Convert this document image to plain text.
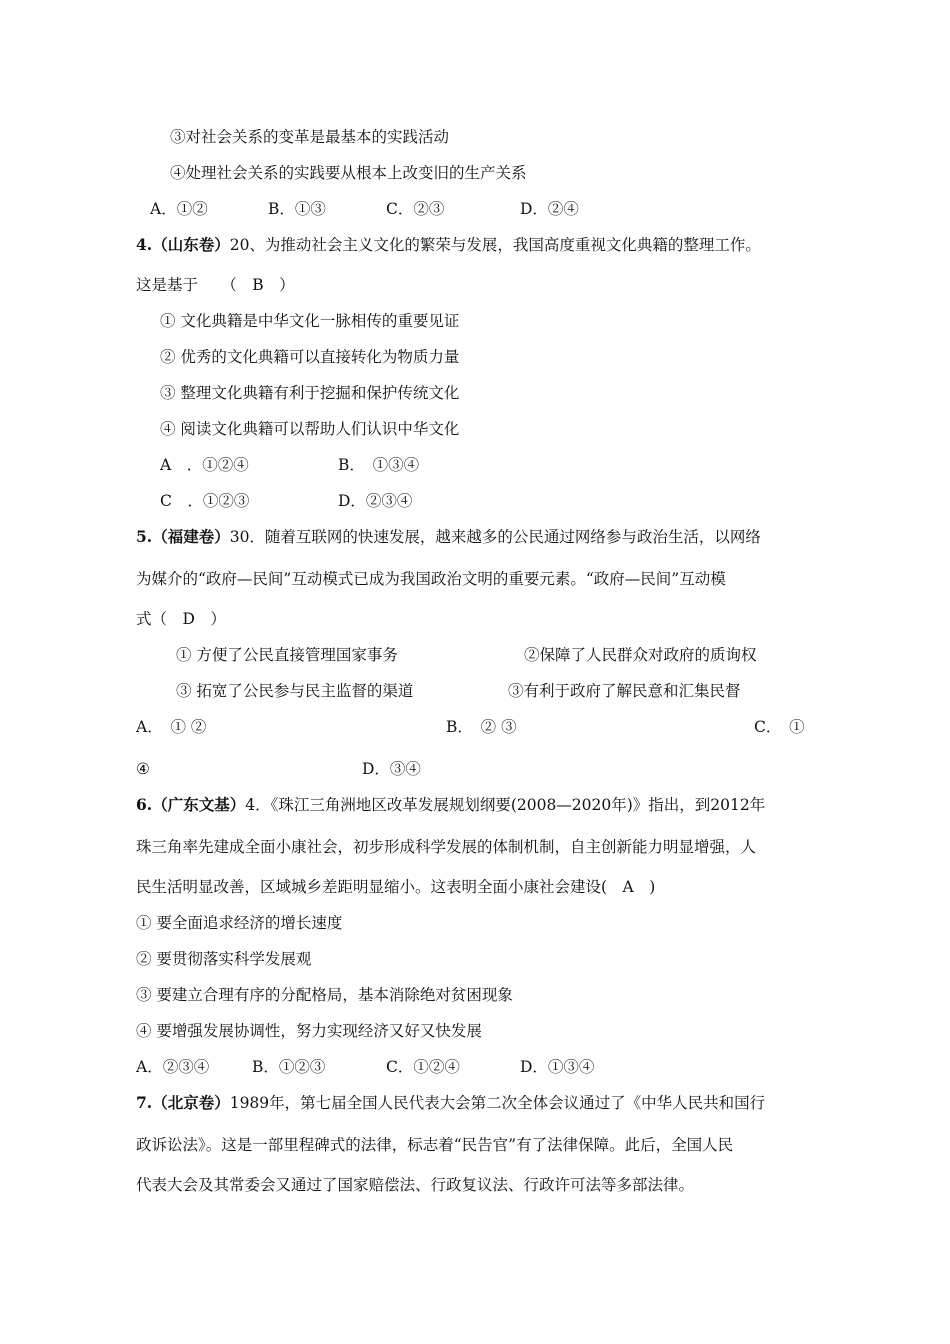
③对社会关系的变革是最基本的实践活动
④处理社会关系的实践要从根本上改变旧的生产关系
A．①②	B．①③	C．②③	D．②④
4.（山东卷）20、为推动社会主义文化的繁荣与发展，我国高度重视文化典籍的整理工作。
这是基于　　（　B　）
① 文化典籍是中华文化一脉相传的重要见证
② 优秀的文化典籍可以直接转化为物质力量
③ 整理文化典籍有利于挖掘和保护传统文化
④ 阅读文化典籍可以帮助人们认识中华文化
A　．①②④	B．　①③④
C　．①②③	D．②③④
5.（福建卷）30．随着互联网的快速发展，越来越多的公民通过网络参与政治生活，以网络
为媒介的“政府—民间”互动模式已成为我国政治文明的重要元素。“政府—民间”互动模
式（　D　）
① 方便了公民直接管理国家事务	②保障了人民群众对政府的质询权
③ 拓宽了公民参与民主监督的渠道	③有利于政府了解民意和汇集民督
A．　① ②	B．　② ③	C．　①
④	D．③④
6.（广东文基）4．《珠江三角洲地区改革发展规划纲要(2008—2020年)》指出，到2012年
珠三角率先建成全面小康社会，初步形成科学发展的体制机制，自主创新能力明显增强，人
民生活明显改善，区域城乡差距明显缩小。这表明全面小康社会建设(　A　)
① 要全面追求经济的增长速度
② 要贯彻落实科学发展观
③ 要建立合理有序的分配格局，基本消除绝对贫困现象
④ 要增强发展协调性，努力实现经济又好又快发展
A．②③④	B．①②③	C．①②④	D．①③④
7.（北京卷）1989年，第七届全国人民代表大会第二次全体会议通过了《中华人民共和国行
政诉讼法》。这是一部里程碑式的法律，标志着“民告官”有了法律保障。此后，全国人民
代表大会及其常委会又通过了国家赔偿法、行政复议法、行政许可法等多部法律。
